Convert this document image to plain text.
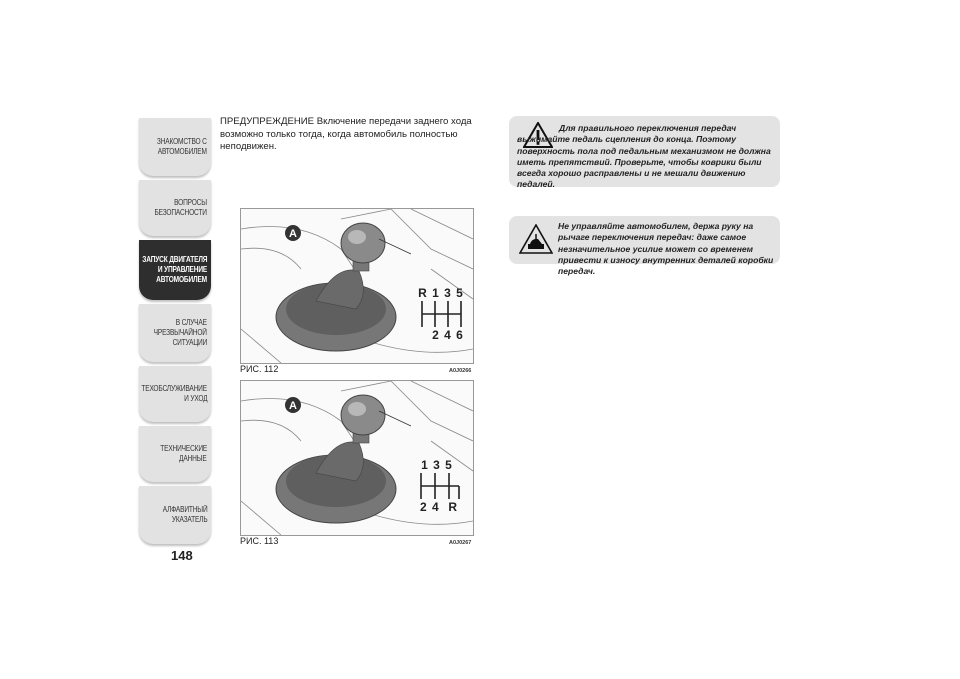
ЗНАКОМСТВО С
АВТОМОБИЛЕМ
ВОПРОСЫ
БЕЗОПАСНОСТИ
ЗАПУСК ДВИГАТЕЛЯ
И УПРАВЛЕНИЕ
АВТОМОБИЛЕМ
В СЛУЧАЕ
ЧРЕЗВЫЧАЙНОЙ
СИТУАЦИИ
ТЕХОБСЛУЖИВАНИЕ
И УХОД
ТЕХНИЧЕСКИЕ
ДАННЫЕ
АЛФАВИТНЫЙ
УКАЗАТЕЛЬ
148
ПРЕДУПРЕЖДЕНИЕ Включение передачи заднего хода возможно только тогда, когда автомобиль полностью неподвижен.
A
R 1 3 5
2 4 6
РИС. 112	A0J0266
A
1 3 5
2 4  R
РИС. 113	A0J0267
Для правильного переключения передач выжимайте педаль сцепления до конца. Поэтому поверхность пола под педальным механизмом не должна иметь препятствий. Проверьте, чтобы коврики были всегда хорошо расправлены и не мешали движению педалей.
Не управляйте автомобилем, держа руку на рычаге переключения передач: даже самое незначительное усилие может со временем привести к износу внутренних деталей коробки передач.
